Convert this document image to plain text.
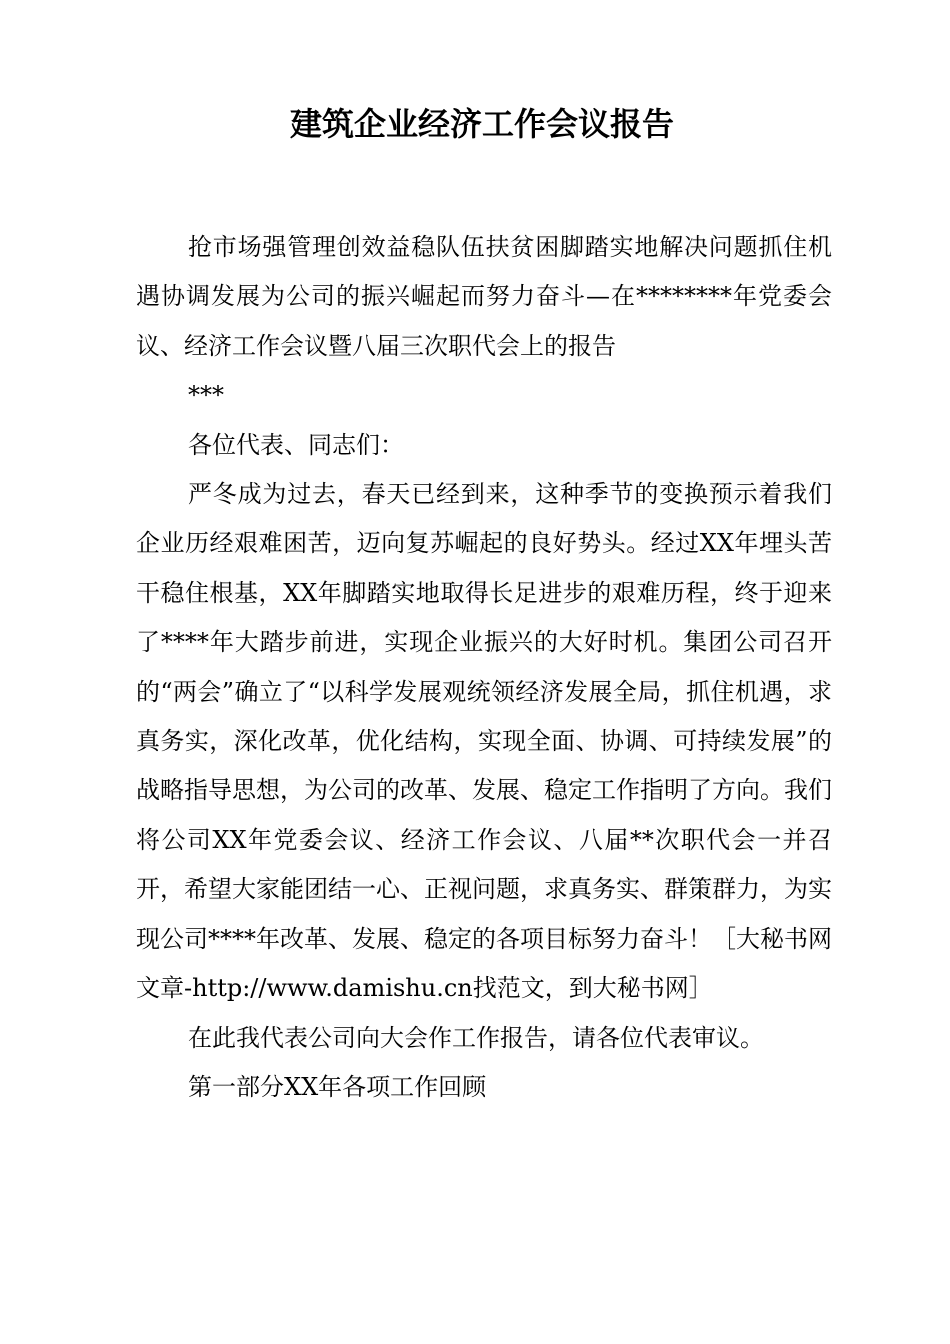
建筑企业经济工作会议报告

抢市场强管理创效益稳队伍扶贫困脚踏实地解决问题抓住机遇协调发展为公司的振兴崛起而努力奋斗—在********年党委会议、经济工作会议暨八届三次职代会上的报告

***

各位代表、同志们：

严冬成为过去，春天已经到来，这种季节的变换预示着我们企业历经艰难困苦，迈向复苏崛起的良好势头。经过XX年埋头苦干稳住根基，XX年脚踏实地取得长足进步的艰难历程，终于迎来了****年大踏步前进，实现企业振兴的大好时机。集团公司召开的“两会”确立了“以科学发展观统领经济发展全局，抓住机遇，求真务实，深化改革，优化结构，实现全面、协调、可持续发展”的战略指导思想，为公司的改革、发展、稳定工作指明了方向。我们将公司XX年党委会议、经济工作会议、八届**次职代会一并召开，希望大家能团结一心、正视问题，求真务实、群策群力，为实现公司****年改革、发展、稳定的各项目标努力奋斗！［大秘书网文章-http://www.damishu.cn找范文，到大秘书网］

在此我代表公司向大会作工作报告，请各位代表审议。

第一部分XX年各项工作回顾
